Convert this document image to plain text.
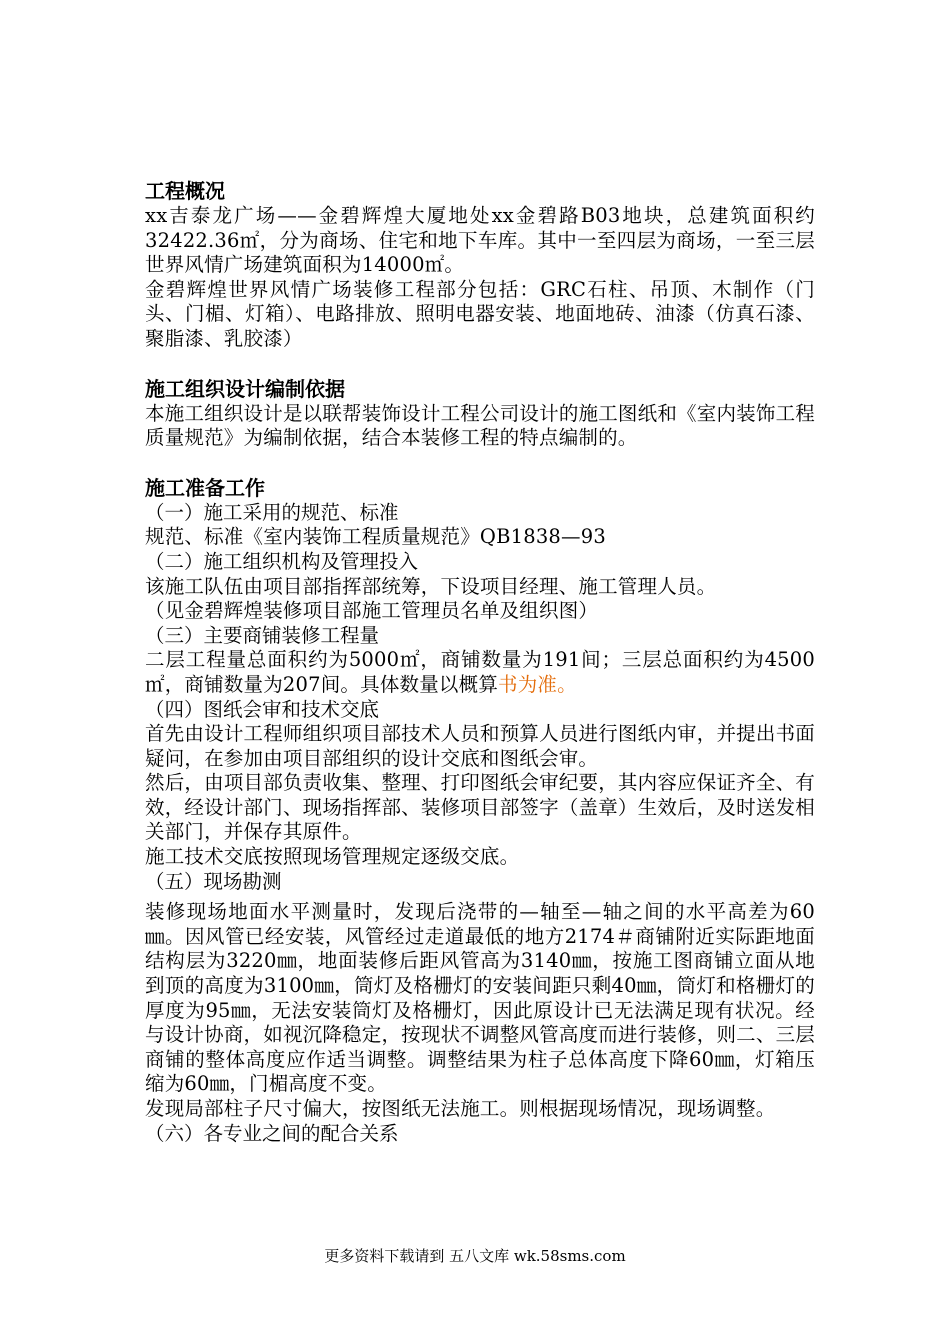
工程概况

xx吉泰龙广场——金碧辉煌大厦地处xx金碧路B03地块，总建筑面积约32422.36㎡，分为商场、住宅和地下车库。其中一至四层为商场，一至三层世界风情广场建筑面积为14000㎡。

金碧辉煌世界风情广场装修工程部分包括：GRC石柱、吊顶、木制作（门头、门楣、灯箱）、电路排放、照明电器安装、地面地砖、油漆（仿真石漆、聚脂漆、乳胶漆）

施工组织设计编制依据

本施工组织设计是以联帮装饰设计工程公司设计的施工图纸和《室内装饰工程质量规范》为编制依据，结合本装修工程的特点编制的。

施工准备工作

（一）施工采用的规范、标准

规范、标准《室内装饰工程质量规范》QB1838—93

（二）施工组织机构及管理投入

该施工队伍由项目部指挥部统筹，下设项目经理、施工管理人员。

（见金碧辉煌装修项目部施工管理员名单及组织图）

（三）主要商铺装修工程量

二层工程量总面积约为5000㎡，商铺数量为191间；三层总面积约为4500㎡，商铺数量为207间。具体数量以概算书为准。

（四）图纸会审和技术交底

首先由设计工程师组织项目部技术人员和预算人员进行图纸内审，并提出书面疑问，在参加由项目部组织的设计交底和图纸会审。

然后，由项目部负责收集、整理、打印图纸会审纪要，其内容应保证齐全、有效，经设计部门、现场指挥部、装修项目部签字（盖章）生效后，及时送发相关部门，并保存其原件。

施工技术交底按照现场管理规定逐级交底。

（五）现场勘测

装修现场地面水平测量时，发现后浇带的—轴至—轴之间的水平高差为60㎜。因风管已经安装，风管经过走道最低的地方2174＃商铺附近实际距地面结构层为3220㎜，地面装修后距风管高为3140㎜，按施工图商铺立面从地到顶的高度为3100㎜，筒灯及格栅灯的安装间距只剩40㎜，筒灯和格栅灯的厚度为95㎜，无法安装筒灯及格栅灯，因此原设计已无法满足现有状况。经与设计协商，如视沉降稳定，按现状不调整风管高度而进行装修，则二、三层商铺的整体高度应作适当调整。调整结果为柱子总体高度下降60㎜，灯箱压缩为60㎜，门楣高度不变。

发现局部柱子尺寸偏大，按图纸无法施工。则根据现场情况，现场调整。

（六）各专业之间的配合关系

更多资料下载请到 五八文库 wk.58sms.com
